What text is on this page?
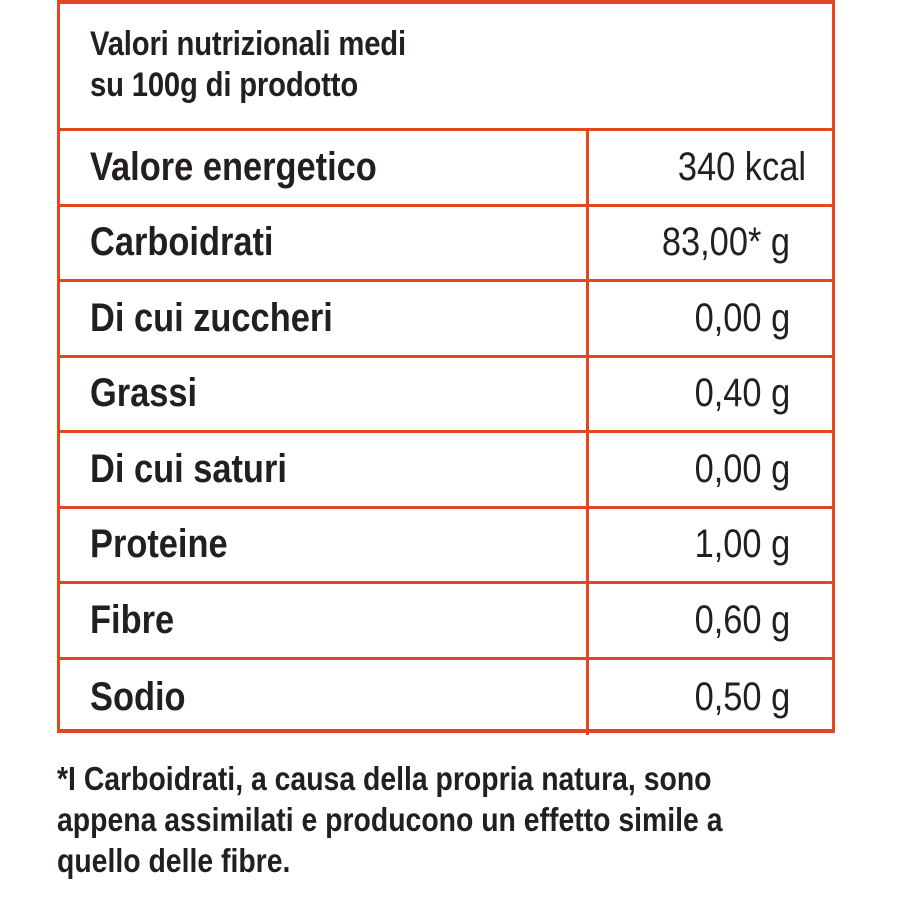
Valori nutrizionali medi
su 100g di prodotto
Valore energetico	340 kcal
Carboidrati	83,00* g
Di cui zuccheri	0,00 g
Grassi	0,40 g
Di cui saturi	0,00 g
Proteine	1,00 g
Fibre	0,60 g
Sodio	0,50 g
*I Carboidrati, a causa della propria natura, sono
appena assimilati e producono un effetto simile a
quello delle fibre.
